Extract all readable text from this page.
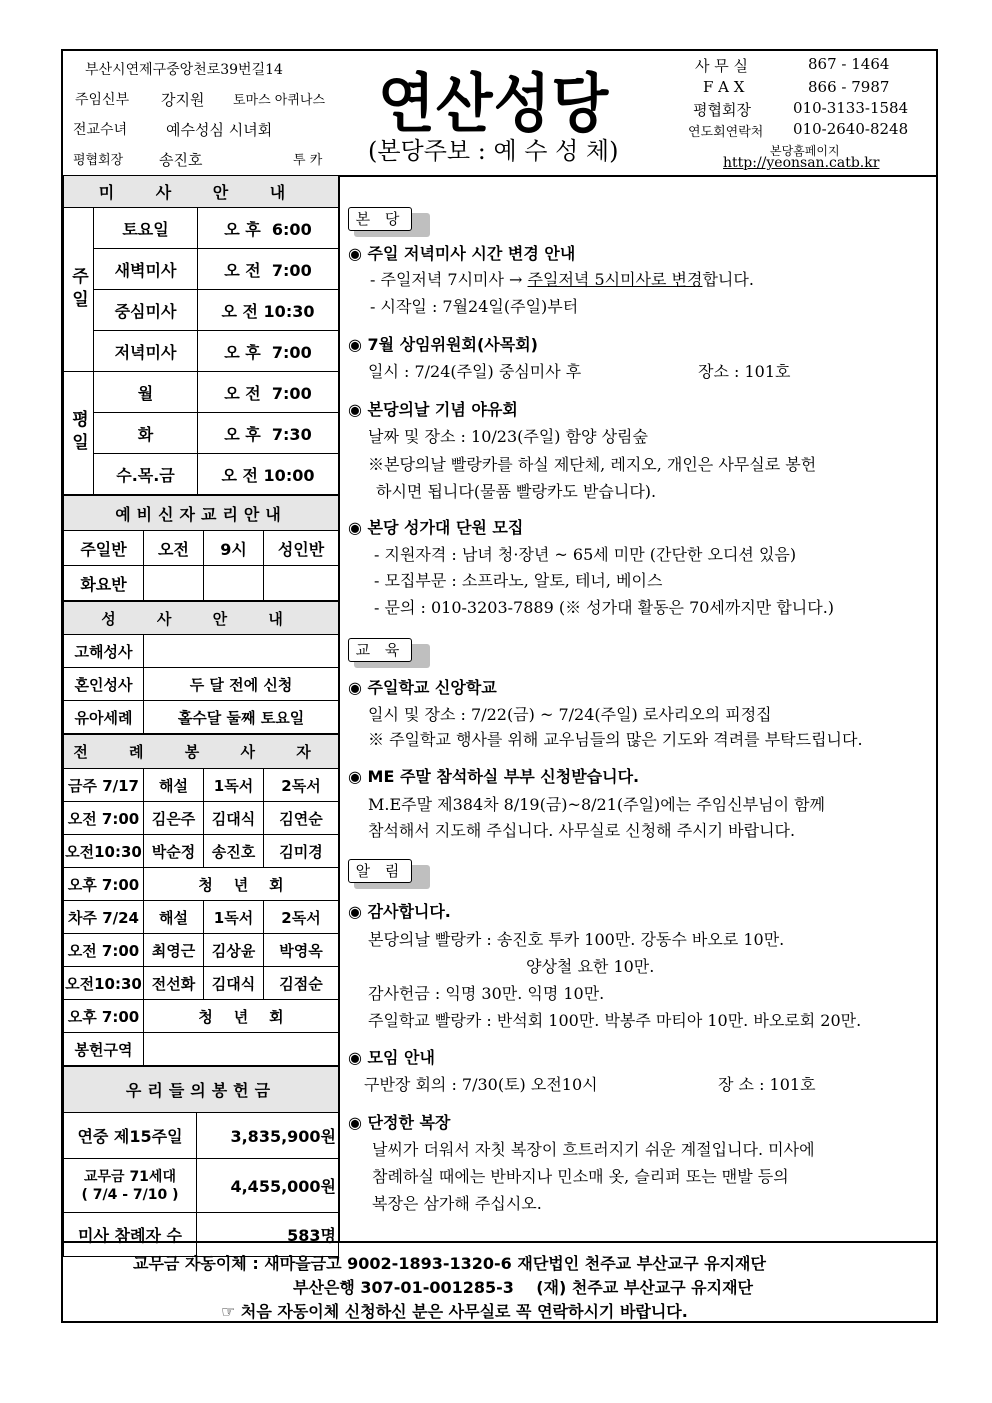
부산시연제구중앙천로39번길14
주임신부 강지원 토마스 아퀴나스
전교수녀	예수성심 시녀회
평협회장 송진호	투 카
연산성당
(본당주보 : 예 수 성 체)
사 무 실	867 - 1464
F A X	866 - 7987
평협회장	010-3133-1584
연도회연락처 010-2640-8248
본당홈페이지
http://yeonsan.catb.kr
미 사 안 내		
주일	토요일	오 후  6:00
	새벽미사	오 전  7:00
	중심미사	오 전 10:30
	저녁미사	오 후  7:00
평일	월	오 전  7:00
	화	오 후  7:30
	수.목.금	오 전 10:00
예비신자교리안내			
주일반	오전	9시	성인반
화요반			
성 사 안 내	
고해성사	
혼인성사	두 달 전에 신청
유아세례	홀수달 둘째 토요일
전 례 봉 사 자			
금주 7/17	해설	1독서	2독서
오전 7:00	김은주	김대식	김연순
오전10:30	박순정	송진호	김미경
오후 7:00	청    년    회		
차주 7/24	해설	1독서	2독서
오전 7:00	최영근	김상윤	박영옥
오전10:30	전선화	김대식	김점순
오후 7:00	청    년    회		
봉헌구역			
우리들의봉헌금	
연중 제15주일	3,835,900원

교무금 71세대
( 7/4 - 7/10 )	4,455,000원
미사 참례자 수	583명
본 당
◉ 주일 저녁미사 시간 변경 안내
- 주일저녁 7시미사 → 주일저녁 5시미사로 변경합니다.
- 시작일 : 7월24일(주일)부터
◉ 7월 상임위원회(사목회)
일시 : 7/24(주일) 중심미사 후	장소 : 101호
◉ 본당의날 기념 야유회
날짜 및 장소 : 10/23(주일) 함양 상림숲
※본당의날 빨랑카를 하실 제단체, 레지오, 개인은 사무실로 봉헌
하시면 됩니다(물품 빨랑카도 받습니다).
◉ 본당 성가대 단원 모집
- 지원자격 : 남녀 청·장년 ~ 65세 미만 (간단한 오디션 있음)
- 모집부문 : 소프라노, 알토, 테너, 베이스
- 문의 : 010-3203-7889 (※ 성가대 활동은 70세까지만 합니다.)
교 육
◉ 주일학교 신앙학교
일시 및 장소 : 7/22(금) ~ 7/24(주일) 로사리오의 피정집
※ 주일학교 행사를 위해 교우님들의 많은 기도와 격려를 부탁드립니다.
◉ ME 주말 참석하실 부부 신청받습니다.
M.E주말 제384차 8/19(금)~8/21(주일)에는 주임신부님이 함께
참석해서 지도해 주십니다. 사무실로 신청해 주시기 바랍니다.
알 림
◉ 감사합니다.
본당의날 빨랑카 : 송진호 투카 100만. 강동수 바오로 10만.
양상철 요한 10만.
감사헌금 : 익명 30만. 익명 10만.
주일학교 빨랑카 : 반석회 100만. 박봉주 마티아 10만. 바오로회 20만.
◉ 모임 안내
구반장 회의 : 7/30(토) 오전10시	장 소 : 101호
◉ 단정한 복장
날씨가 더워서 자칫 복장이 흐트러지기 쉬운 계절입니다. 미사에
참례하실 때에는 반바지나 민소매 옷, 슬리퍼 또는 맨발 등의
복장은 삼가해 주십시오.
교무금 자동이체 : 새마을금고 9002-1893-1320-6 재단법인 천주교 부산교구 유지재단
부산은행 307-01-001285-3    (재) 천주교 부산교구 유지재단
☞ 처음 자동이체 신청하신 분은 사무실로 꼭 연락하시기 바랍니다.
